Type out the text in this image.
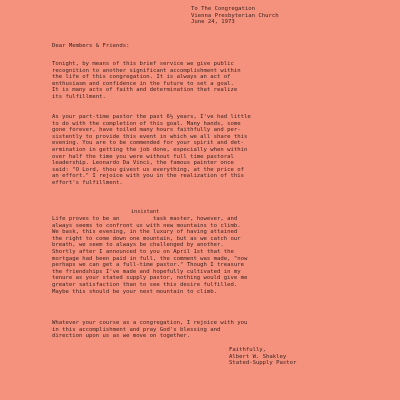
To The Congregation
Vienna Presbyterian Church
June 24, 1973
Dear Members & Friends:
Tonight, by means of this brief service we give public
recognition to another significant accomplishment within
the life of this congregation. It is always an act of
enthusiasm and confidence in the future to set a goal.
It is many acts of faith and determination that realize
its fulfillment.
As your part-time pastor the past 6½ years, I've had little
to do with the completion of this goal. Many hands, some
gone forever, have toiled many hours faithfully and per-
sistently to provide this event in which we all share this
evening. You are to be commended for your spirit and det-
ermination in getting the job done, especially when within
over half the time you were without full time pastoral
leadership. Leonardo Da Vinci, the famous painter once
said: "O Lord, thou givest us everything, at the price of
an effort." I rejoice with you in the realization of this
effort's fulfillment.
insistant
Life proves to be an          task master, however, and
always seems to confront us with new mountains to climb.
We bask, this evening, in the luxury of having attained
the right to come down one mountain, but as we catch our
breath, we seem to always be challenged by another.
Shortly after I announced to you on April 1st that the
mortgage had been paid in full, the comment was made, "now
perhaps we can get a full-time pastor." Though I treasure
the friendships I've made and hopefully cultivated in my
tenure as your stated supply pastor, nothing would give me
greater satisfaction than to see this desire fulfilled.
Maybe this should be your next mountain to climb.
Whatever your course as a congregation, I rejoice with you
in this accomplishment and pray God's blessing and
direction upon us as we move on together.
Faithfully,
Albert W. Shakley
Stated-Supply Pastor
